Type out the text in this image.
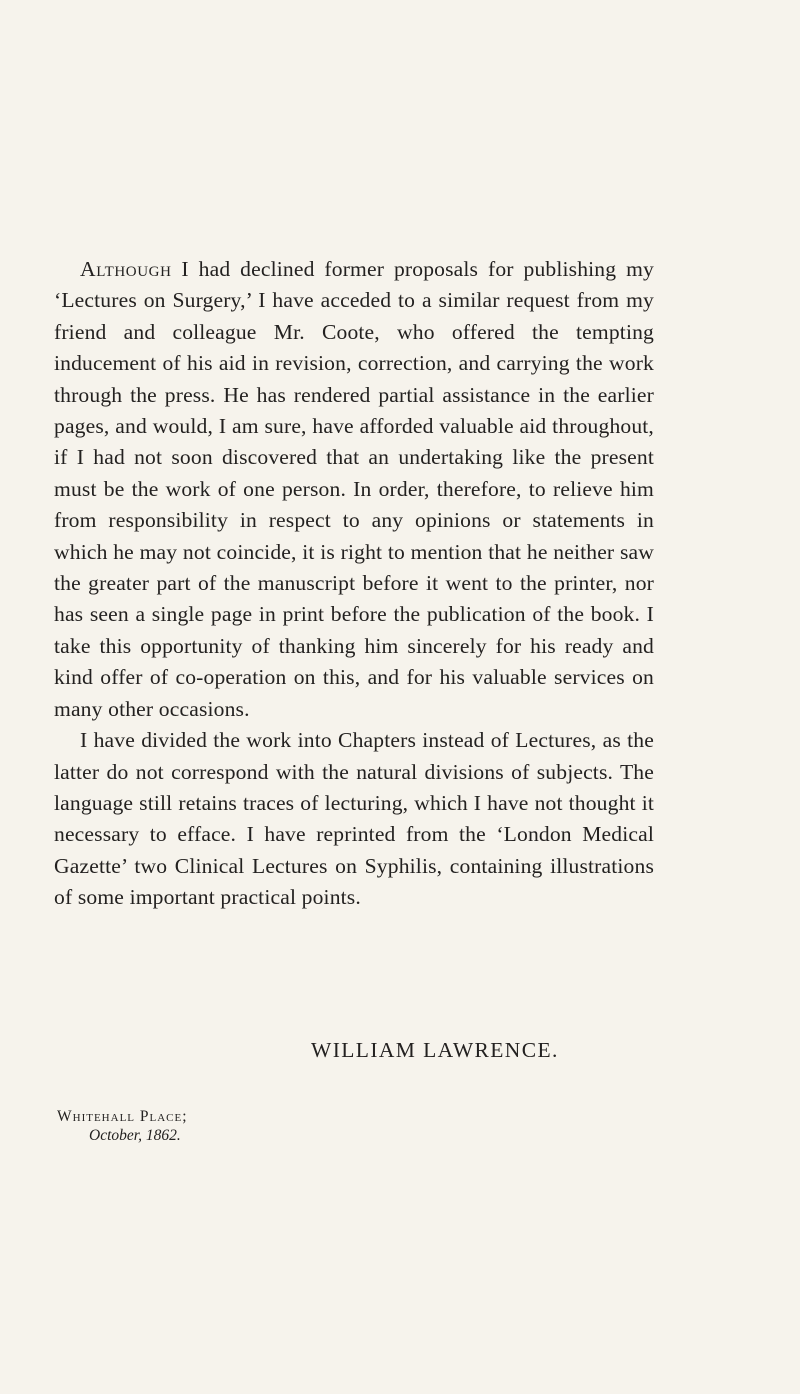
Although I had declined former proposals for publishing my ‘Lectures on Surgery,’ I have acceded to a similar request from my friend and colleague Mr. Coote, who offered the tempting inducement of his aid in revision, correction, and carrying the work through the press. He has rendered partial assistance in the earlier pages, and would, I am sure, have afforded valuable aid throughout, if I had not soon discovered that an undertaking like the present must be the work of one person. In order, therefore, to relieve him from responsibility in respect to any opinions or statements in which he may not coincide, it is right to mention that he neither saw the greater part of the manuscript before it went to the printer, nor has seen a single page in print before the publication of the book. I take this opportunity of thanking him sincerely for his ready and kind offer of co-operation on this, and for his valuable services on many other occasions.

I have divided the work into Chapters instead of Lectures, as the latter do not correspond with the natural divisions of subjects. The language still retains traces of lecturing, which I have not thought it necessary to efface. I have reprinted from the ‘London Medical Gazette’ two Clinical Lectures on Syphilis, containing illustrations of some important practical points.

WILLIAM LAWRENCE.
Whitehall Place;
October, 1862.
